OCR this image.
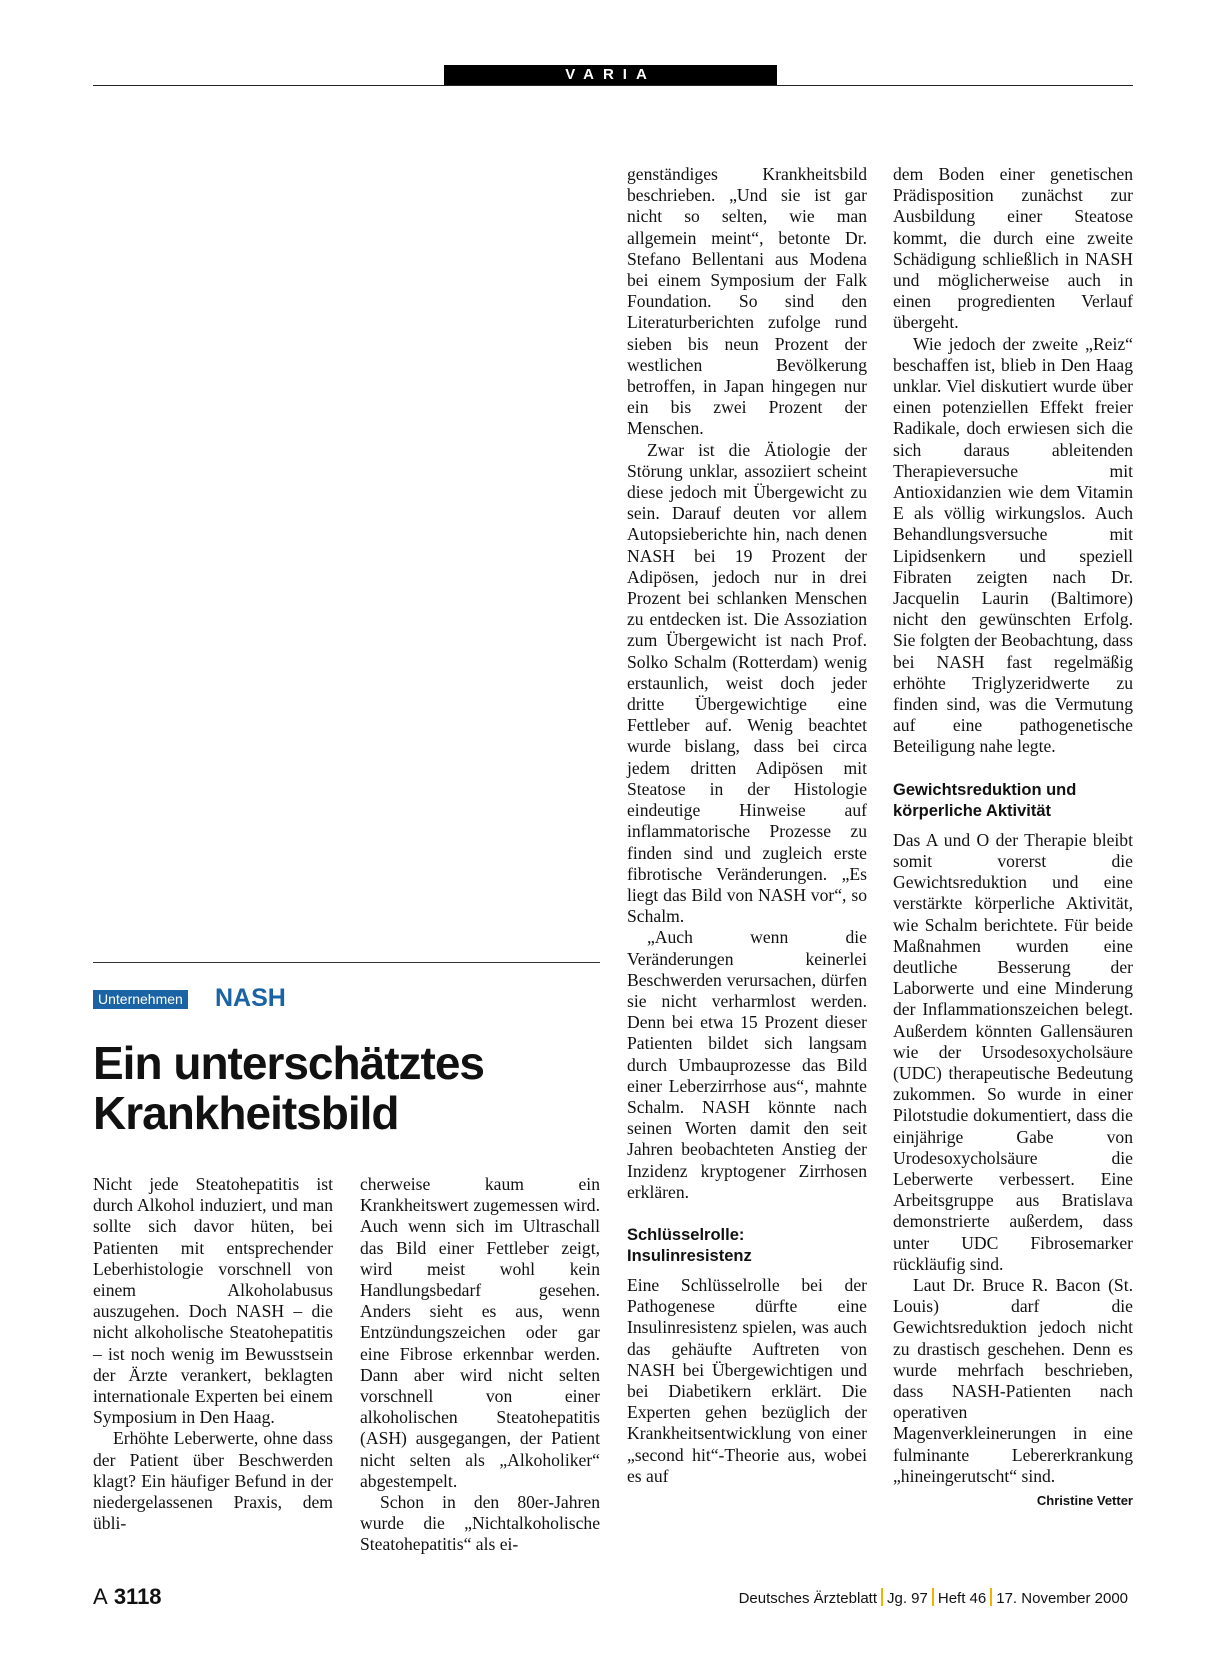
VARIA
Unternehmen NASH
Ein unterschätztes
Krankheitsbild

Nicht jede Steatohepatitis ist durch Alkohol induziert, und man sollte sich davor hüten, bei Patienten mit entsprechender Leberhistologie vorschnell von einem Alkoholabusus auszugehen. Doch NASH – die nicht alkoholische Steatohepatitis – ist noch wenig im Bewusstsein der Ärzte verankert, beklagten internationale Experten bei einem Symposium in Den Haag.

Erhöhte Leberwerte, ohne dass der Patient über Beschwerden klagt? Ein häufiger Befund in der niedergelassenen Praxis, dem übli-

cherweise kaum ein Krankheitswert zugemessen wird. Auch wenn sich im Ultraschall das Bild einer Fettleber zeigt, wird meist wohl kein Handlungsbedarf gesehen. Anders sieht es aus, wenn Entzündungszeichen oder gar eine Fibrose erkennbar werden. Dann aber wird nicht selten vorschnell von einer alkoholischen Steatohepatitis (ASH) ausgegangen, der Patient nicht selten als „Alkoholiker“ abgestempelt.

Schon in den 80er-Jahren wurde die „Nichtalkoholische Steatohepatitis“ als ei-

genständiges Krankheitsbild beschrieben. „Und sie ist gar nicht so selten, wie man allgemein meint“, betonte Dr. Stefano Bellentani aus Modena bei einem Symposium der Falk Foundation. So sind den Literaturberichten zufolge rund sieben bis neun Prozent der westlichen Bevölkerung betroffen, in Japan hingegen nur ein bis zwei Prozent der Menschen.

Zwar ist die Ätiologie der Störung unklar, assoziiert scheint diese jedoch mit Übergewicht zu sein. Darauf deuten vor allem Autopsieberichte hin, nach denen NASH bei 19 Prozent der Adipösen, jedoch nur in drei Prozent bei schlanken Menschen zu entdecken ist. Die Assoziation zum Übergewicht ist nach Prof. Solko Schalm (Rotterdam) wenig erstaunlich, weist doch jeder dritte Übergewichtige eine Fettleber auf. Wenig beachtet wurde bislang, dass bei circa jedem dritten Adipösen mit Steatose in der Histologie eindeutige Hinweise auf inflammatorische Prozesse zu finden sind und zugleich erste fibrotische Veränderungen. „Es liegt das Bild von NASH vor“, so Schalm.

„Auch wenn die Veränderungen keinerlei Beschwerden verursachen, dürfen sie nicht verharmlost werden. Denn bei etwa 15 Prozent dieser Patienten bildet sich langsam durch Umbauprozesse das Bild einer Leberzirrhose aus“, mahnte Schalm. NASH könnte nach seinen Worten damit den seit Jahren beobachteten Anstieg der Inzidenz kryptogener Zirrhosen erklären.

Schlüsselrolle:
Insulinresistenz

Eine Schlüsselrolle bei der Pathogenese dürfte eine Insulinresistenz spielen, was auch das gehäufte Auftreten von NASH bei Übergewichtigen und bei Diabetikern erklärt. Die Experten gehen bezüglich der Krankheitsentwicklung von einer „second hit“-Theorie aus, wobei es auf

dem Boden einer genetischen Prädisposition zunächst zur Ausbildung einer Steatose kommt, die durch eine zweite Schädigung schließlich in NASH und möglicherweise auch in einen progredienten Verlauf übergeht.

Wie jedoch der zweite „Reiz“ beschaffen ist, blieb in Den Haag unklar. Viel diskutiert wurde über einen potenziellen Effekt freier Radikale, doch erwiesen sich die sich daraus ableitenden Therapieversuche mit Antioxidanzien wie dem Vitamin E als völlig wirkungslos. Auch Behandlungsversuche mit Lipidsenkern und speziell Fibraten zeigten nach Dr. Jacquelin Laurin (Baltimore) nicht den gewünschten Erfolg. Sie folgten der Beobachtung, dass bei NASH fast regelmäßig erhöhte Triglyzeridwerte zu finden sind, was die Vermutung auf eine pathogenetische Beteiligung nahe legte.

Gewichtsreduktion und
körperliche Aktivität

Das A und O der Therapie bleibt somit vorerst die Gewichtsreduktion und eine verstärkte körperliche Aktivität, wie Schalm berichtete. Für beide Maßnahmen wurden eine deutliche Besserung der Laborwerte und eine Minderung der Inflammationszeichen belegt. Außerdem könnten Gallensäuren wie der Ursodesoxycholsäure (UDC) therapeutische Bedeutung zukommen. So wurde in einer Pilotstudie dokumentiert, dass die einjährige Gabe von Urodesoxycholsäure die Leberwerte verbessert. Eine Arbeitsgruppe aus Bratislava demonstrierte außerdem, dass unter UDC Fibrosemarker rückläufig sind.

Laut Dr. Bruce R. Bacon (St. Louis) darf die Gewichtsreduktion jedoch nicht zu drastisch geschehen. Denn es wurde mehrfach beschrieben, dass NASH-Patienten nach operativen Magenverkleinerungen in eine fulminante Lebererkrankung „hineingerutscht“ sind.
Christine Vetter

A 3118	Deutsches Ärzteblatt Jg. 97 Heft 46 17. November 2000
